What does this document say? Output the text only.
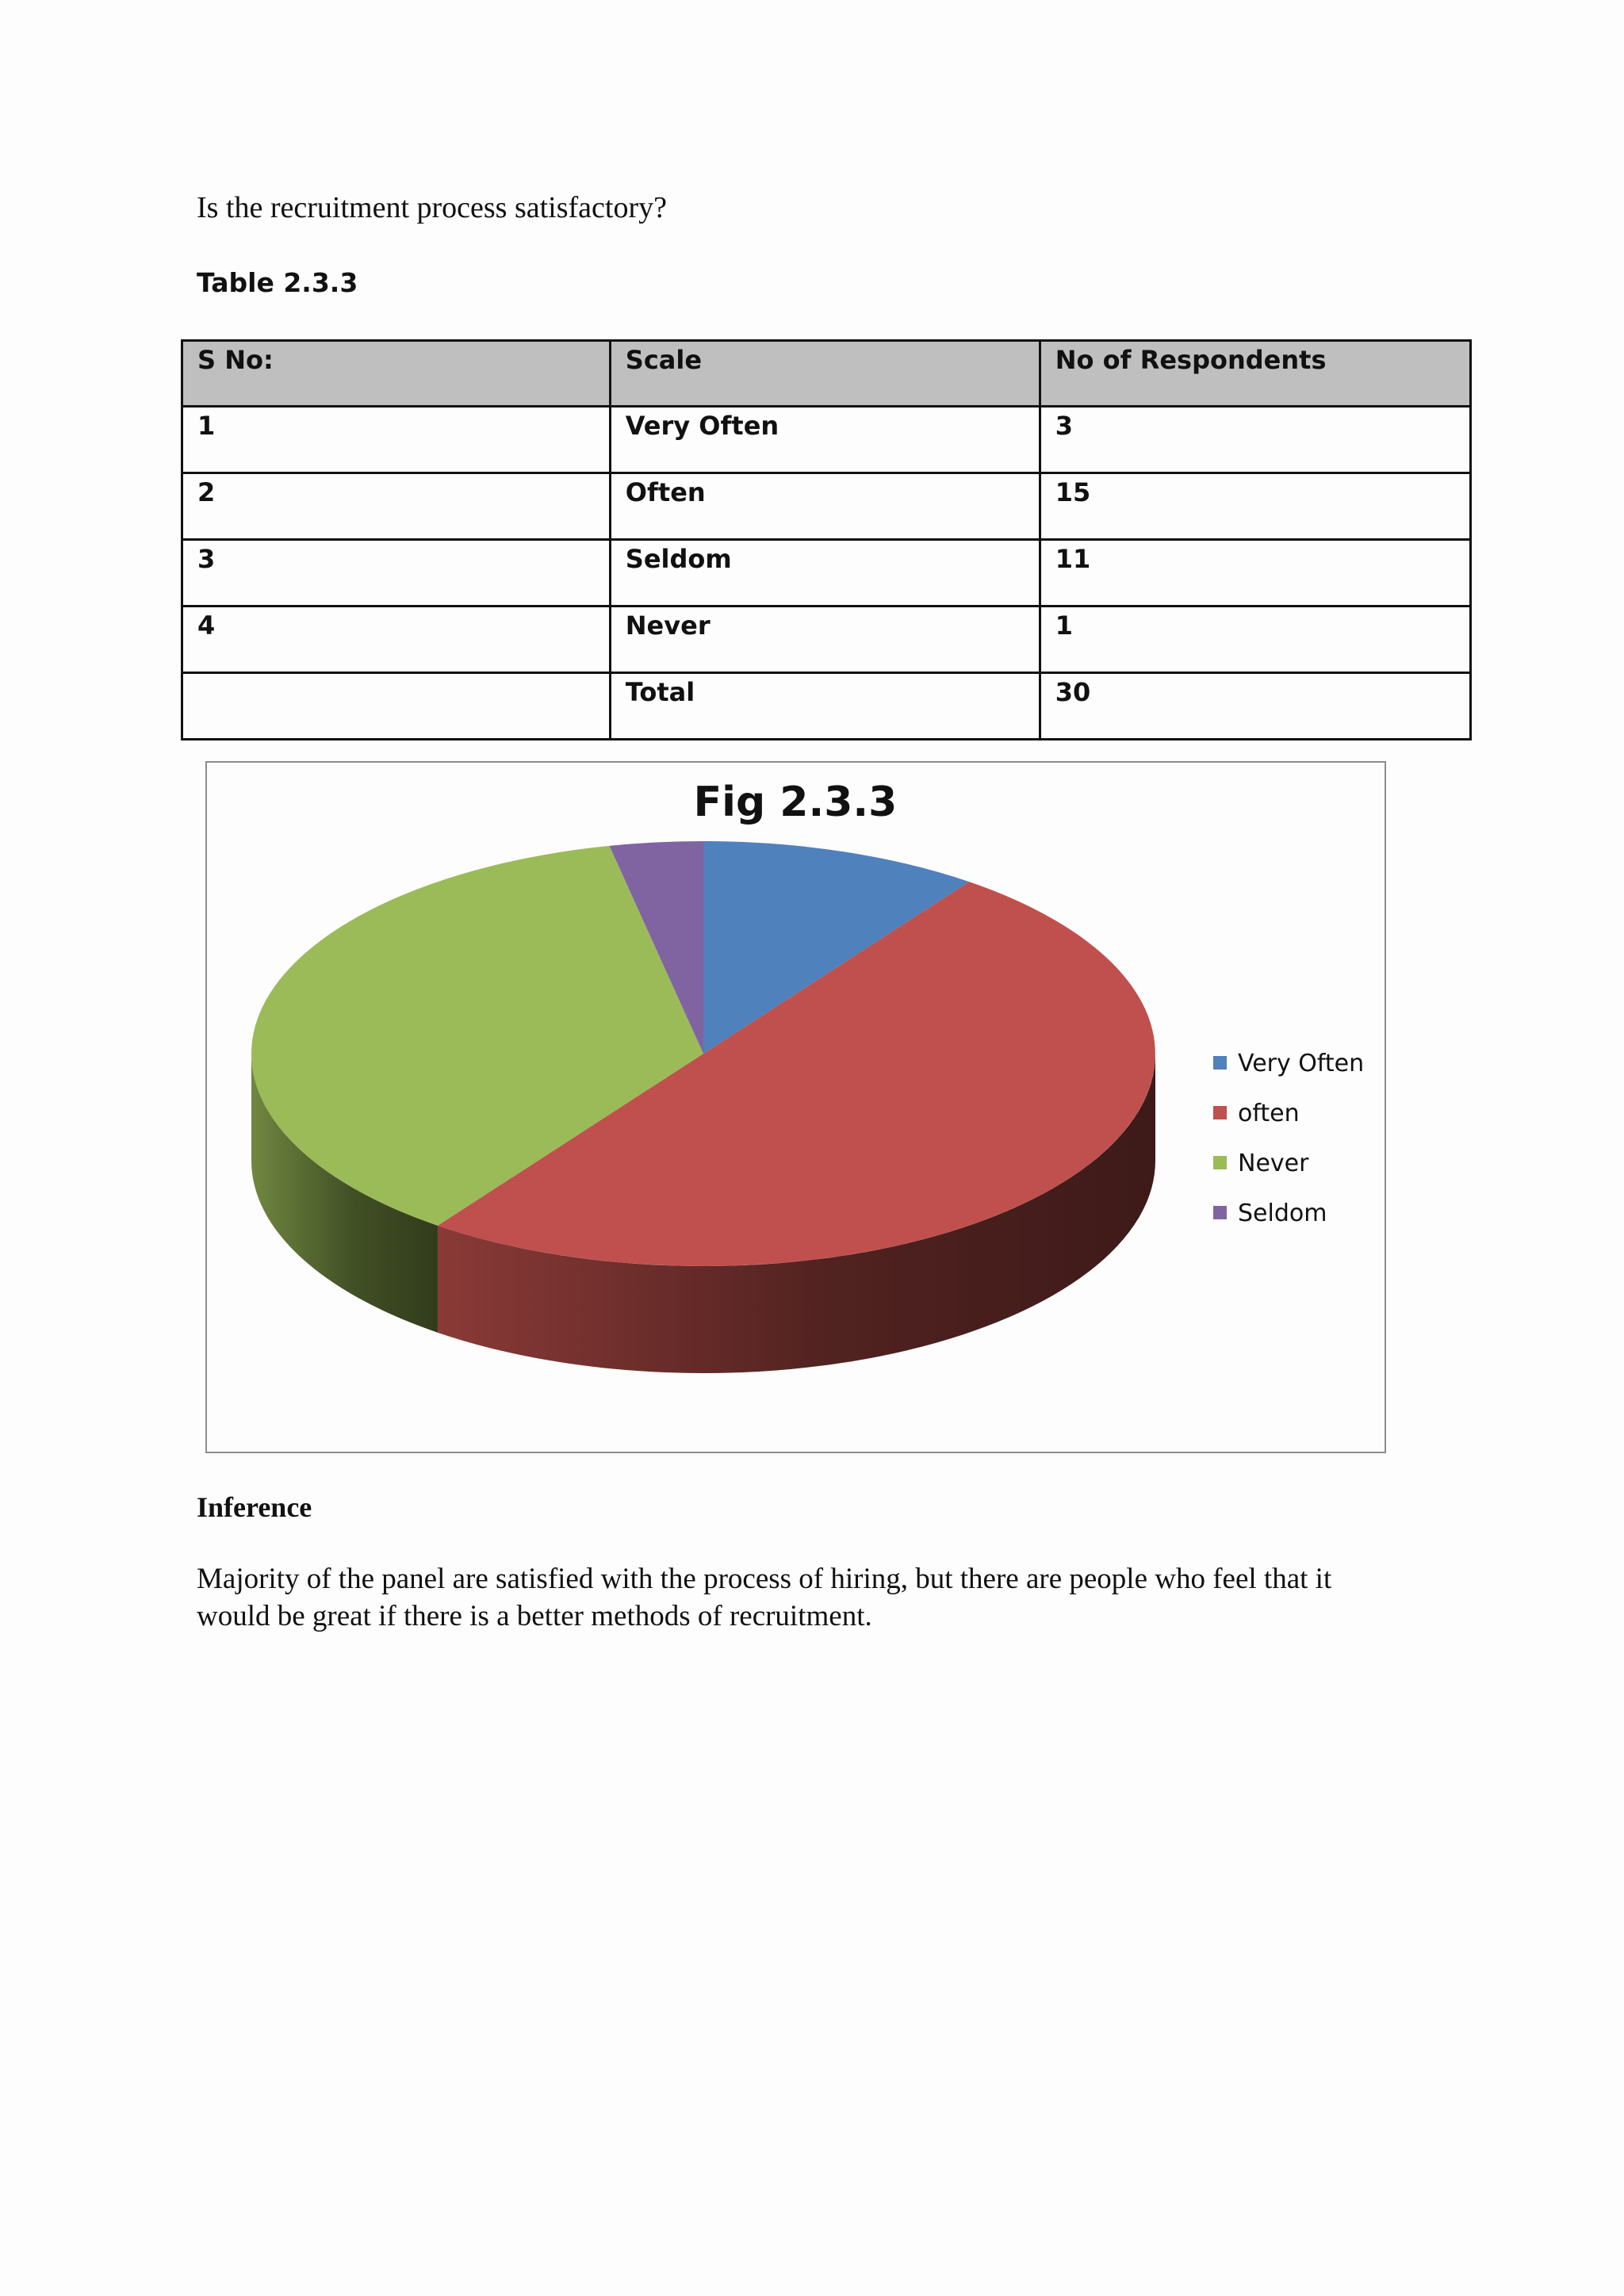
Is the recruitment process satisfactory?
Table 2.3.3
S No:	Scale	No of Respondents
1	Very Often	3
2	Often	15
3	Seldom	11
4	Never	1
	Total	30
Fig 2.3.3
Very Often
often
Never
Seldom
Inference
Majority of the panel are satisfied with the process of hiring, but there are people who feel that it would be great if there is a better methods of recruitment.
